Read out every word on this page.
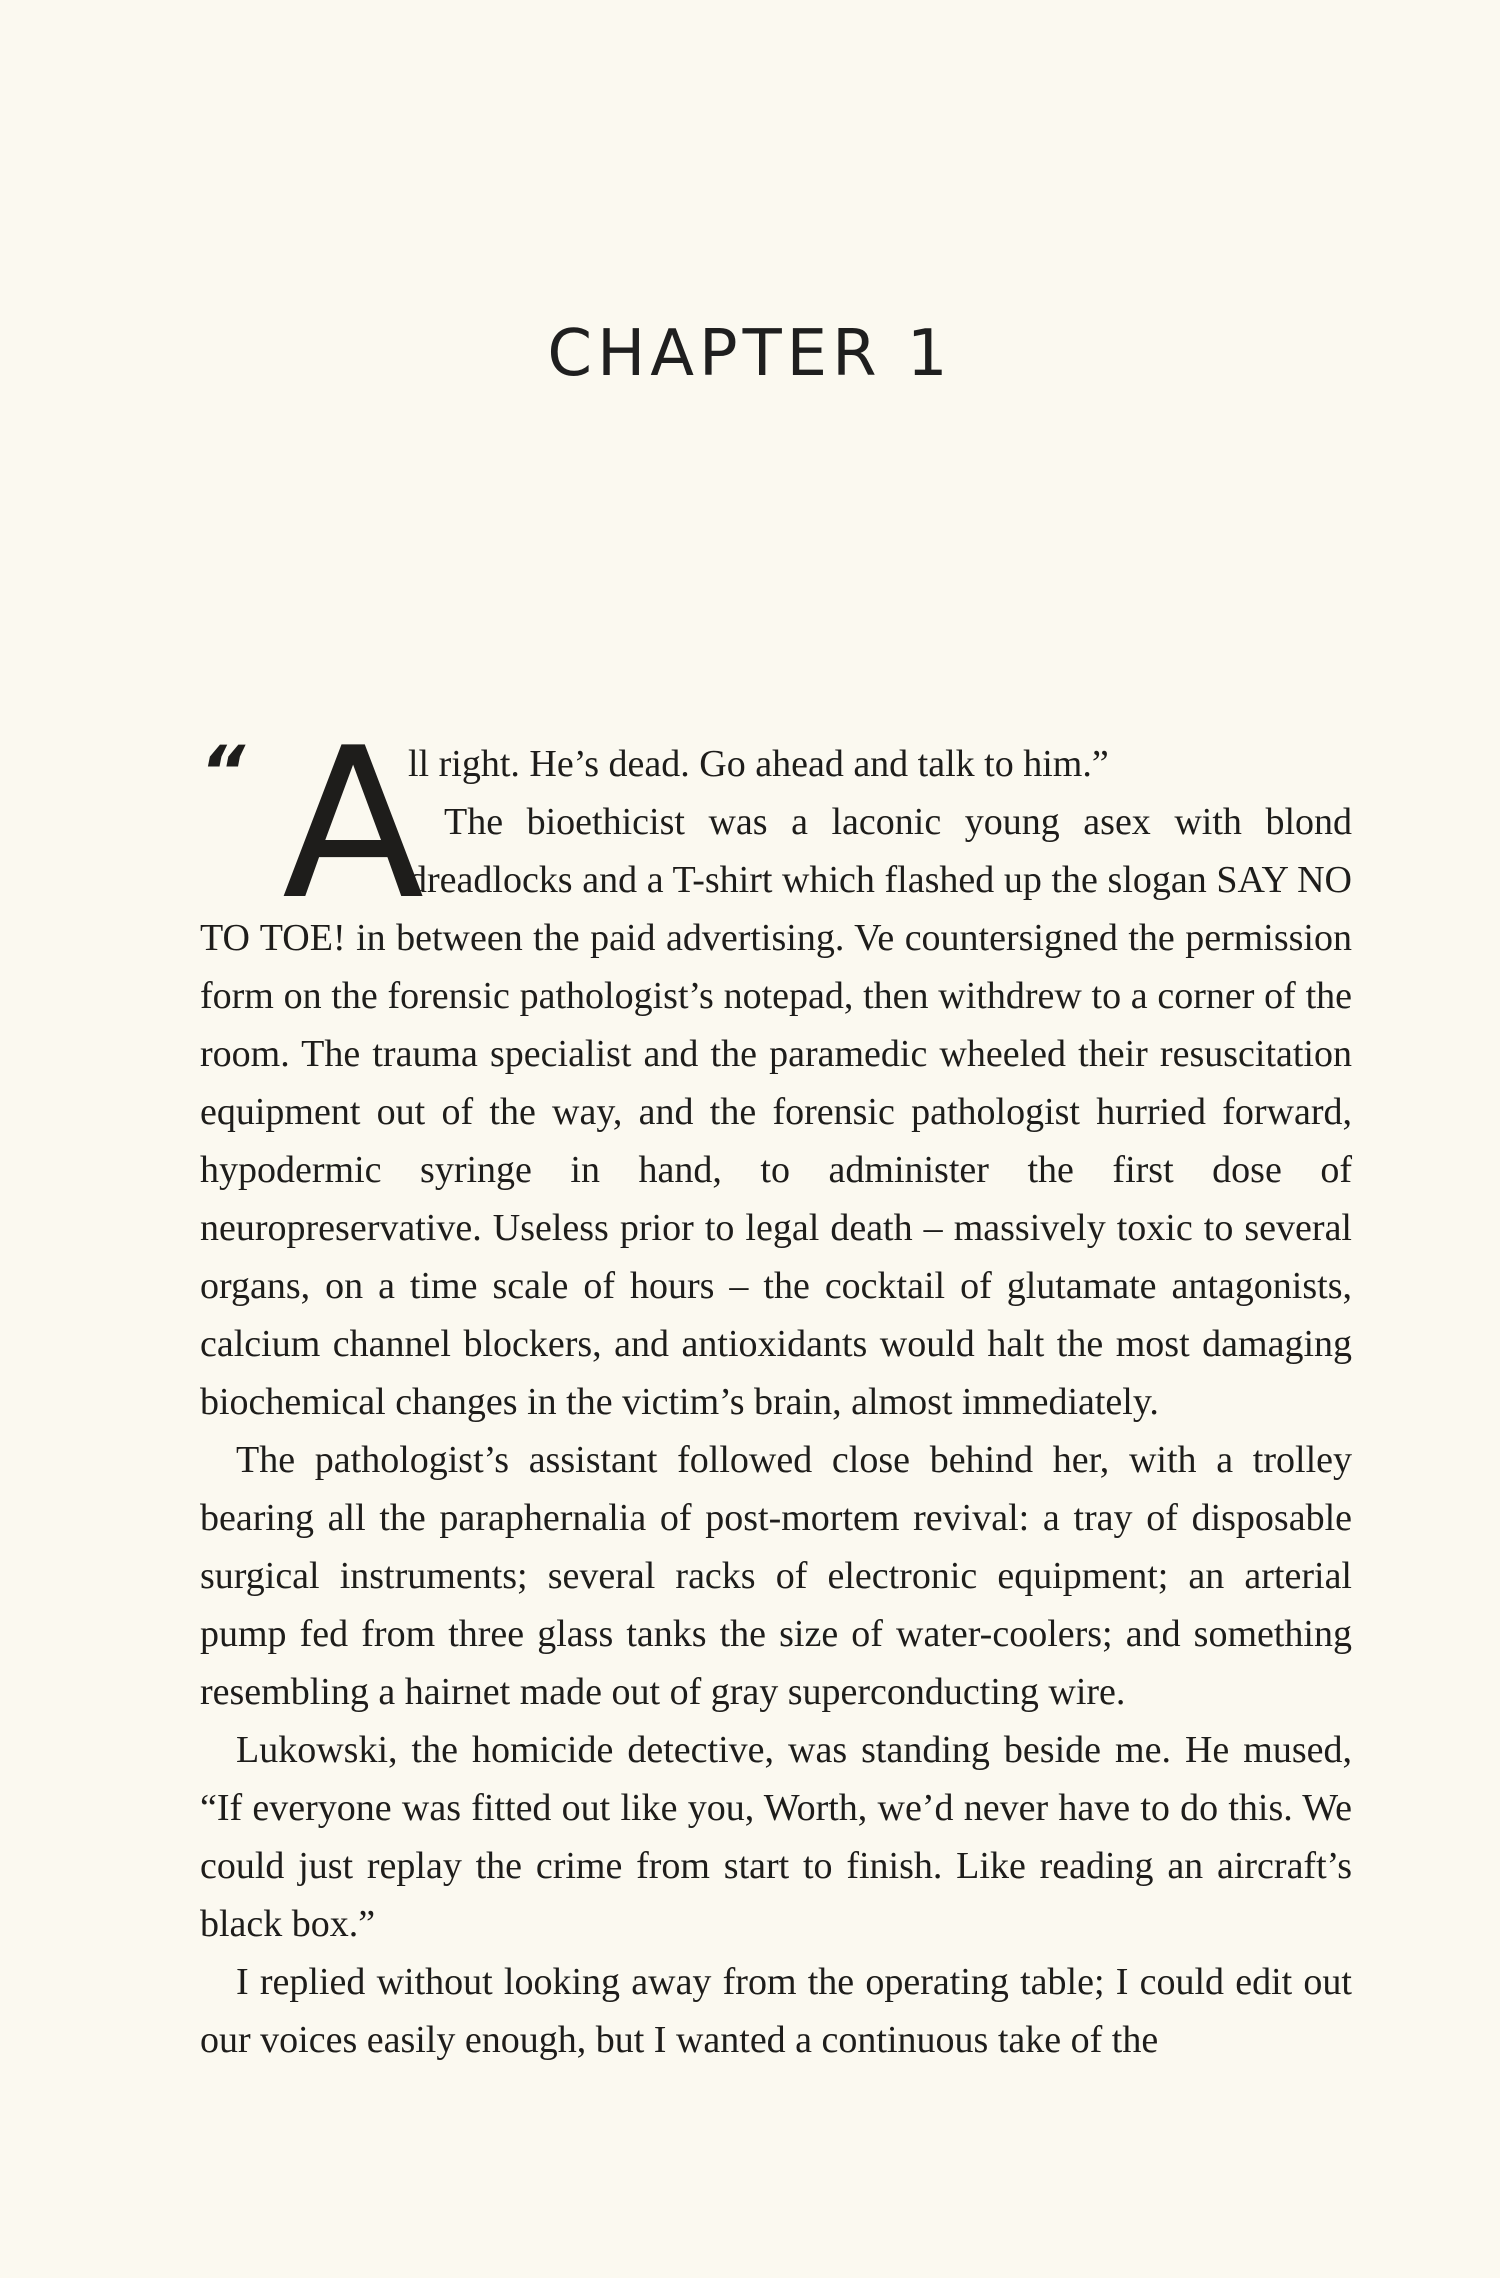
CHAPTER 1
“ A

ll right. He’s dead. Go ahead and talk to him.”

The bioethicist was a laconic young asex with blond dreadlocks and a T-shirt which flashed up the slogan SAY NO TO TOE! in between the paid advertising. Ve countersigned the permission form on the forensic pathologist’s notepad, then withdrew to a corner of the room. The trauma specialist and the paramedic wheeled their resuscitation equipment out of the way, and the forensic pathologist hurried forward, hypodermic syringe in hand, to administer the first dose of neuropreservative. Useless prior to legal death – massively toxic to several organs, on a time scale of hours – the cocktail of glutamate antagonists, calcium channel blockers, and antioxidants would halt the most damaging biochemical changes in the victim’s brain, almost immediately.

The pathologist’s assistant followed close behind her, with a trolley bearing all the paraphernalia of post-mortem revival: a tray of disposable surgical instruments; several racks of electronic equipment; an arterial pump fed from three glass tanks the size of water-coolers; and something resembling a hairnet made out of gray superconducting wire.

Lukowski, the homicide detective, was standing beside me. He mused, “If everyone was fitted out like you, Worth, we’d never have to do this. We could just replay the crime from start to finish. Like reading an aircraft’s black box.”

I replied without looking away from the operating table; I could edit out our voices easily enough, but I wanted a continuous take of the
